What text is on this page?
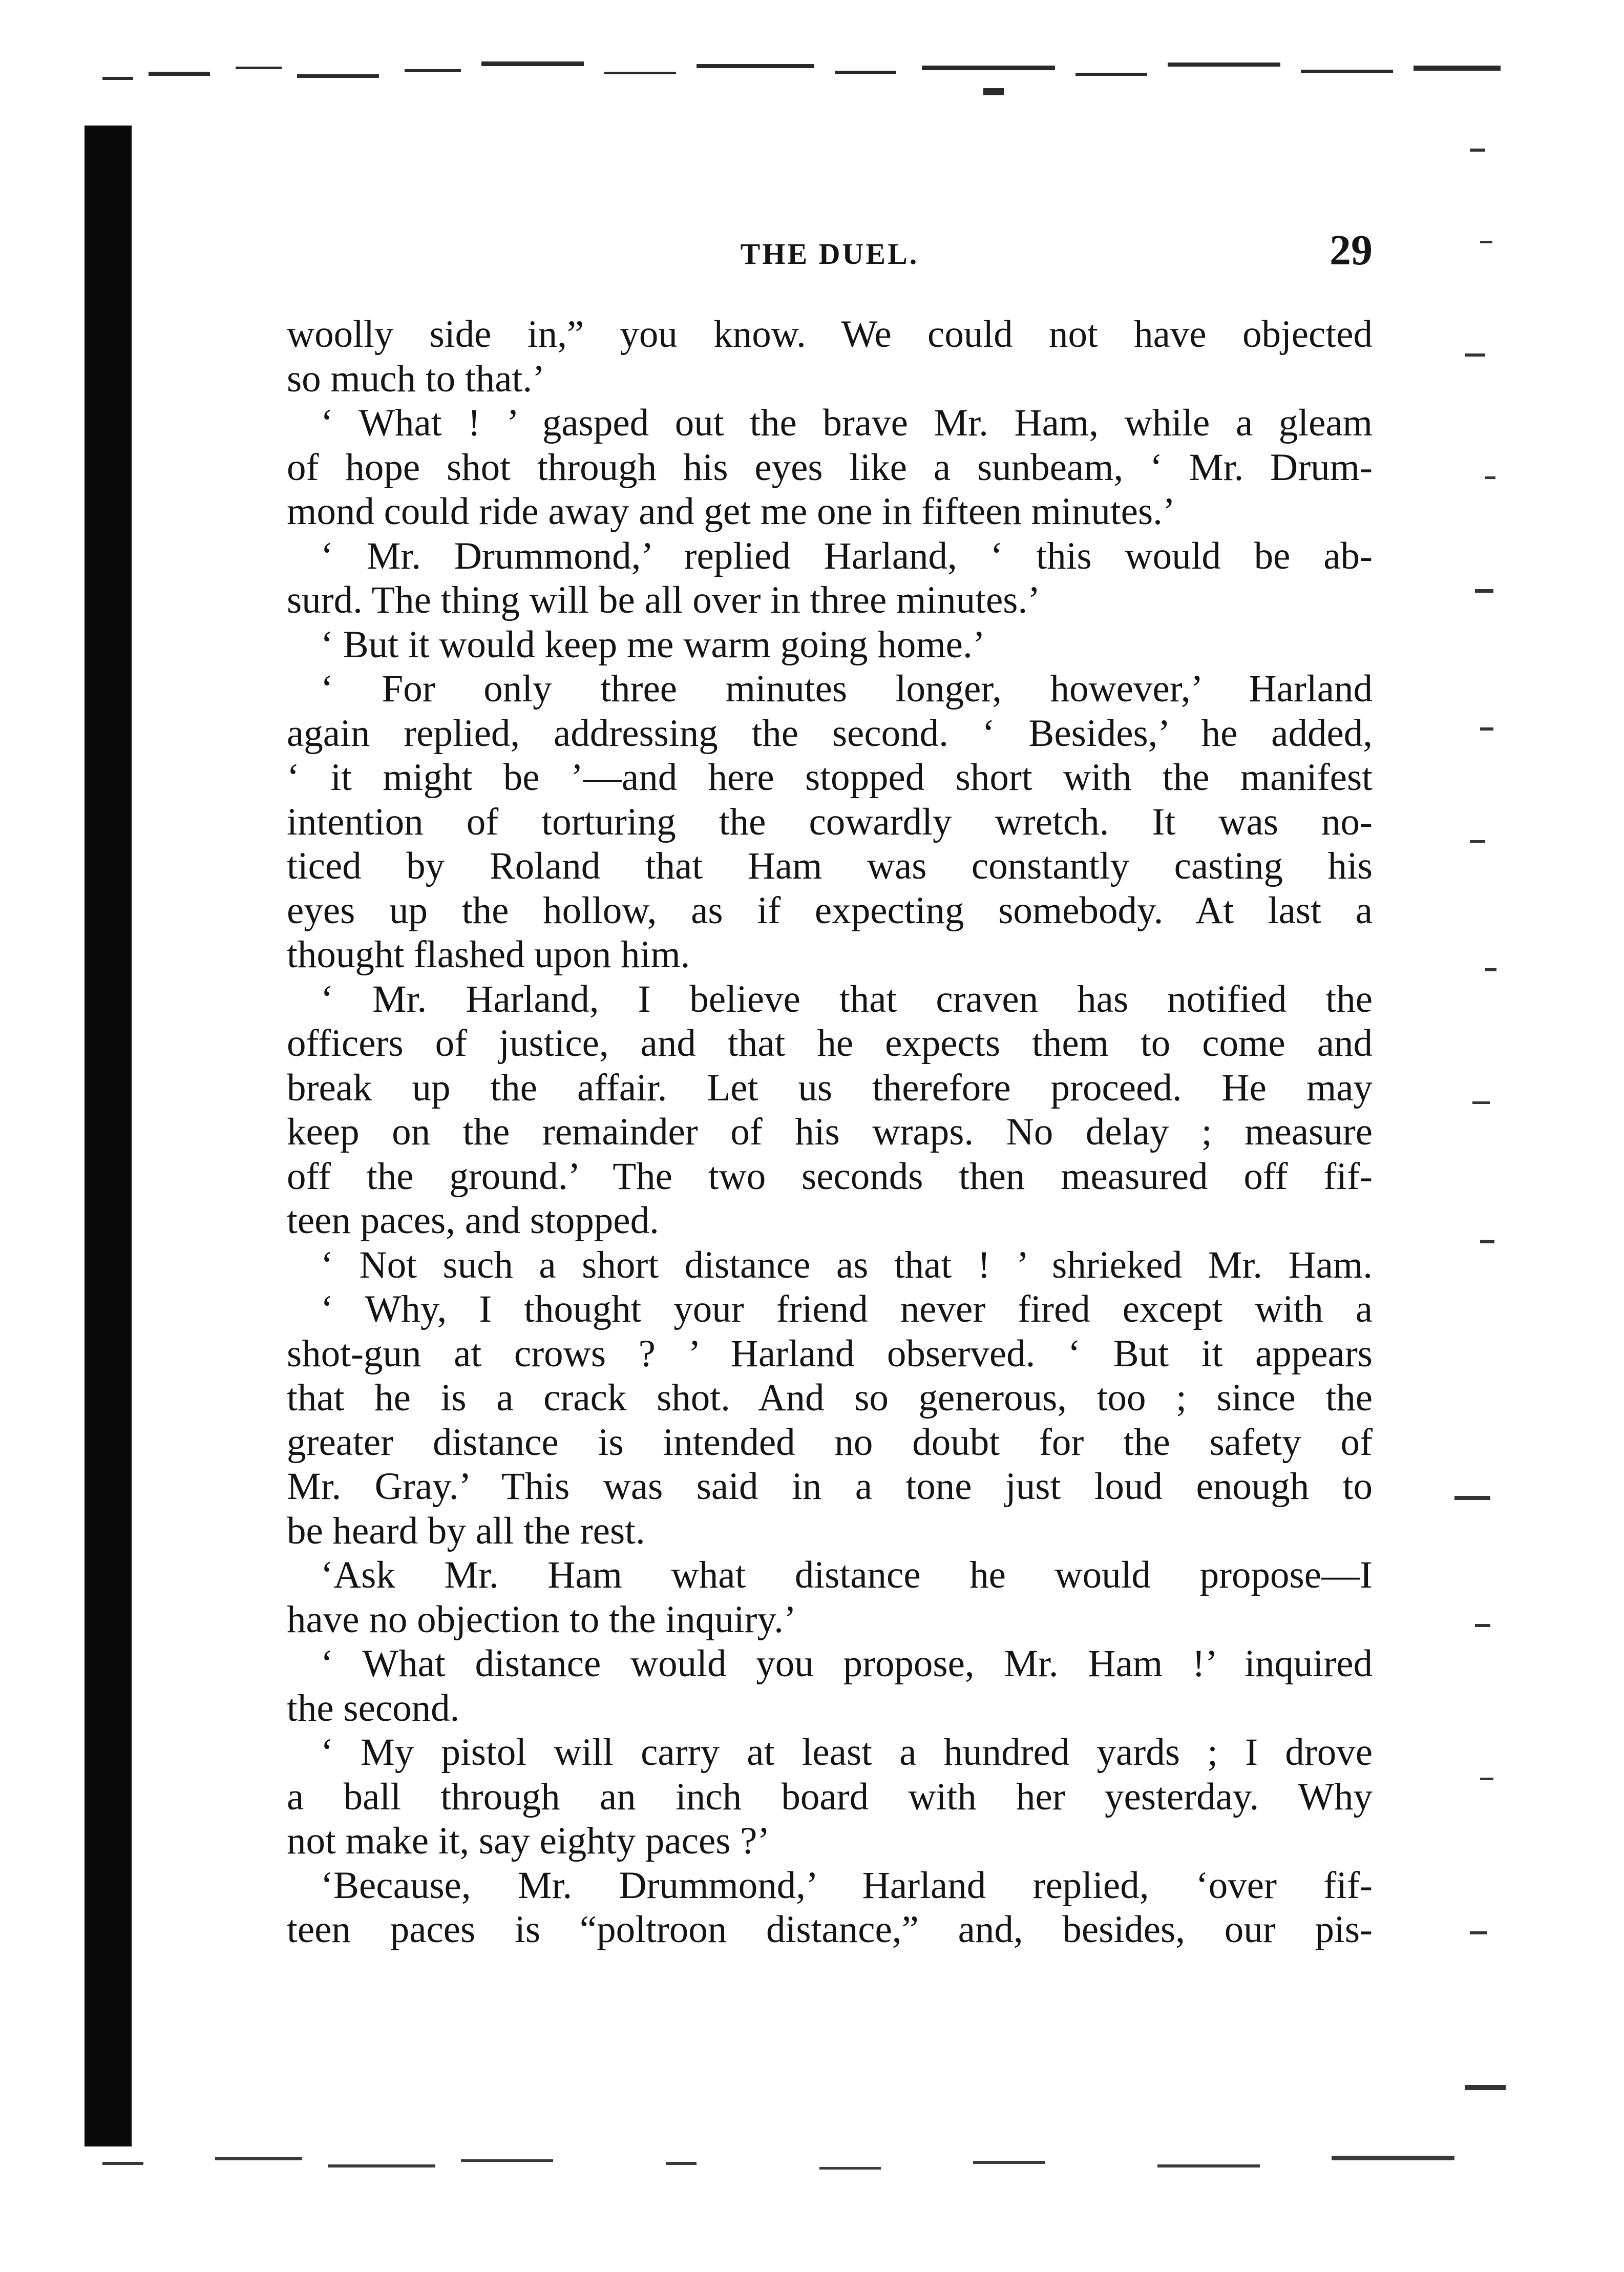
THE DUEL.	29
woolly side in,” you know. We could not have objected
so much to that.’
‘ What ! ’ gasped out the brave Mr. Ham, while a gleam
of hope shot through his eyes like a sunbeam, ‘ Mr. Drum-
mond could ride away and get me one in fifteen minutes.’
‘ Mr. Drummond,’ replied Harland, ‘ this would be ab-
surd. The thing will be all over in three minutes.’
‘ But it would keep me warm going home.’
‘ For only three minutes longer, however,’ Harland
again replied, addressing the second. ‘ Besides,’ he added,
‘ it might be ’—and here stopped short with the manifest
intention of torturing the cowardly wretch. It was no-
ticed by Roland that Ham was constantly casting his
eyes up the hollow, as if expecting somebody. At last a
thought flashed upon him.
‘ Mr. Harland, I believe that craven has notified the
officers of justice, and that he expects them to come and
break up the affair. Let us therefore proceed. He may
keep on the remainder of his wraps. No delay ; measure
off the ground.’ The two seconds then measured off fif-
teen paces, and stopped.
‘ Not such a short distance as that ! ’ shrieked Mr. Ham.
‘ Why, I thought your friend never fired except with a
shot-gun at crows ? ’ Harland observed. ‘ But it appears
that he is a crack shot. And so generous, too ; since the
greater distance is intended no doubt for the safety of
Mr. Gray.’ This was said in a tone just loud enough to
be heard by all the rest.
‘Ask Mr. Ham what distance he would propose—I
have no objection to the inquiry.’
‘ What distance would you propose, Mr. Ham !’ inquired
the second.
‘ My pistol will carry at least a hundred yards ; I drove
a ball through an inch board with her yesterday. Why
not make it, say eighty paces ?’
‘Because, Mr. Drummond,’ Harland replied, ‘over fif-
teen paces is “poltroon distance,” and, besides, our pis-
